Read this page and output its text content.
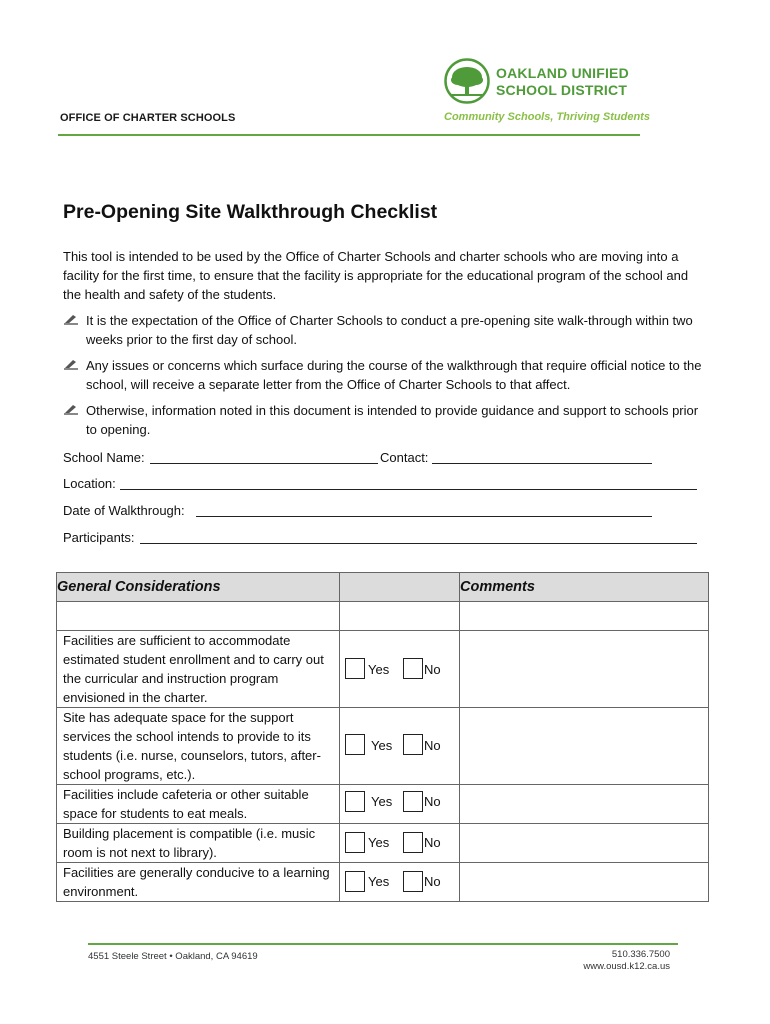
OFFICE OF CHARTER SCHOOLS
OAKLAND UNIFIED
SCHOOL DISTRICT
Community Schools, Thriving Students
Pre-Opening Site Walkthrough Checklist
This tool is intended to be used by the Office of Charter Schools and charter schools who are moving into a facility for the first time, to ensure that the facility is appropriate for the educational program of the school and the health and safety of the students.
It is the expectation of the Office of Charter Schools to conduct a pre-opening site walk-through within two weeks prior to the first day of school.
Any issues or concerns which surface during the course of the walkthrough that require official notice to the school, will receive a separate letter from the Office of Charter Schools to that affect.
Otherwise, information noted in this document is intended to provide guidance and support to schools prior to opening.
School Name:	Contact:
Location:
Date of Walkthrough:
Participants:
General Considerations		Comments

Facilities are sufficient to accommodate estimated student enrollment and to carry out the curricular and instruction program envisioned in the charter.	Yes No	

Site has adequate space for the support services the school intends to provide to its students (i.e. nurse, counselors, tutors, after-school programs, etc.).	Yes No	

Facilities include cafeteria or other suitable space for students to eat meals.	Yes No	

Building placement is compatible (i.e. music room is not next to library).	Yes No	

Facilities are generally conducive to a learning environment.	Yes No	

4551 Steele Street • Oakland, CA 94619	510.336.7500
www.ousd.k12.ca.us
